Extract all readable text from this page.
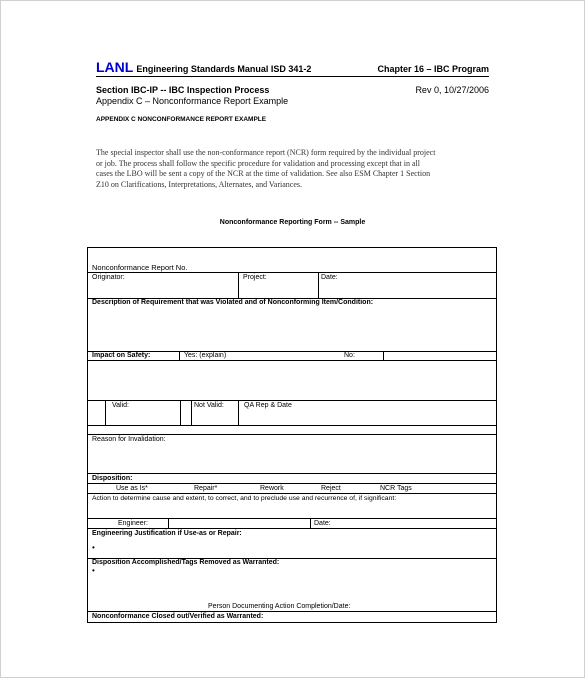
LANL Engineering Standards Manual ISD 341-2	Chapter 16 – IBC Program
Section IBC-IP -- IBC Inspection Process	Rev 0, 10/27/2006
Appendix C – Nonconformance Report Example
APPENDIX C NONCONFORMANCE REPORT EXAMPLE
The special inspector shall use the non-conformance report (NCR) form required by the individual project
or job. The process shall follow the specific procedure for validation and processing except that in all
cases the LBO will be sent a copy of the NCR at the time of validation. See also ESM Chapter 1 Section
Z10 on Clarifications, Interpretations, Alternates, and Variances.
Nonconformance Reporting Form -- Sample
Nonconformance Report No.
Originator:	Project:	Date:
Description of Requirement that was Violated and of Nonconforming Item/Condition:
Impact on Safety:	Yes: (explain)	No:
Valid:	Not Valid:	QA Rep & Date
Reason for Invalidation:
Disposition:
Use as Is*	Repair*	Rework	Reject	NCR Tags
Action to determine cause and extent, to correct, and to preclude use and recurrence of, if significant:
Engineer:	Date:
Engineering Justification if Use-as or Repair:
•
Disposition Accomplished/Tags Removed as Warranted:
•
Person Documenting Action Completion/Date:
Nonconformance Closed out/Verified as Warranted:
